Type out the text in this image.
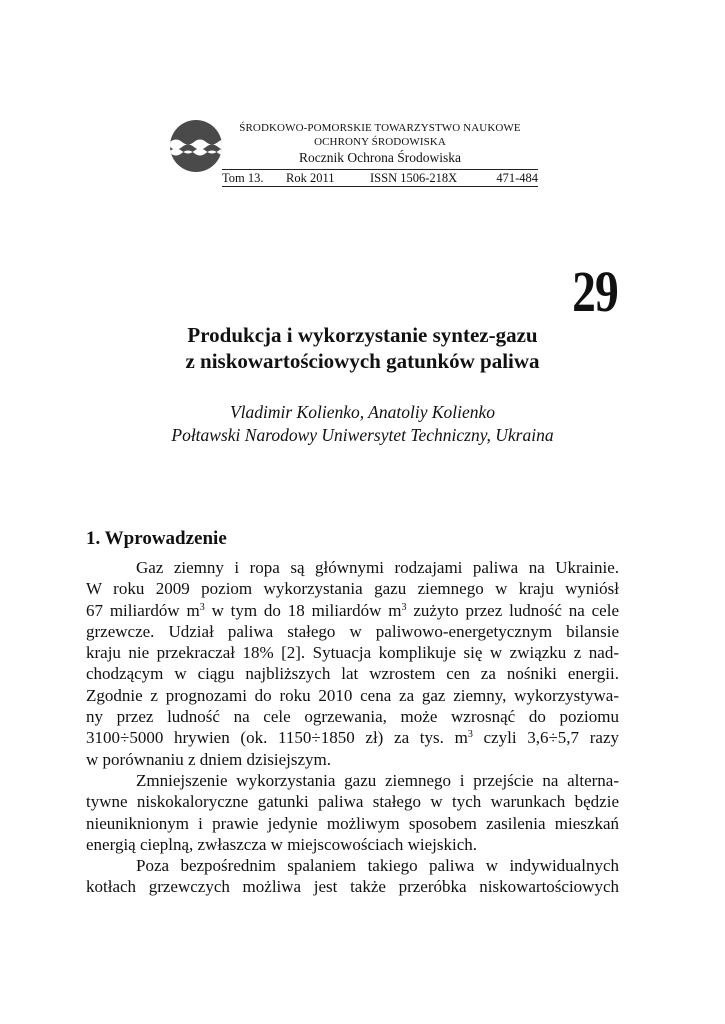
ŚRODKOWO-POMORSKIE TOWARZYSTWO NAUKOWE
OCHRONY ŚRODOWISKA
Rocznik Ochrona Środowiska
Tom 13. Rok 2011	ISSN 1506-218X	471-484
29
Produkcja i wykorzystanie syntez-gazu
z niskowartościowych gatunków paliwa
Vladimir Kolienko, Anatoliy Kolienko
Połtawski Narodowy Uniwersytet Techniczny, Ukraina
1. Wprowadzenie

Gaz ziemny i ropa są głównymi rodzajami paliwa na Ukrainie.
W roku 2009 poziom wykorzystania gazu ziemnego w kraju wyniósł
67 miliardów $m^3$ w tym do 18 miliardów $m^3$ zużyto przez ludność na cele
grzewcze. Udział paliwa stałego w paliwowo-energetycznym bilansie
kraju nie przekraczał 18% [2]. Sytuacja komplikuje się w związku z nad-
chodzącym w ciągu najbliższych lat wzrostem cen za nośniki energii.
Zgodnie z prognozami do roku 2010 cena za gaz ziemny, wykorzystywa-
ny przez ludność na cele ogrzewania, może wzrosnąć do poziomu
3100÷5000 hrywien (ok. 1150÷1850 zł) za tys. $m^3$ czyli 3,6÷5,7 razy
w porównaniu z dniem dzisiejszym.

Zmniejszenie wykorzystania gazu ziemnego i przejście na alterna-
tywne niskokaloryczne gatunki paliwa stałego w tych warunkach będzie
nieuniknionym i prawie jedynie możliwym sposobem zasilenia mieszkań
energią cieplną, zwłaszcza w miejscowościach wiejskich.

Poza bezpośrednim spalaniem takiego paliwa w indywidualnych
kotłach grzewczych możliwa jest także przeróbka niskowartościowych
